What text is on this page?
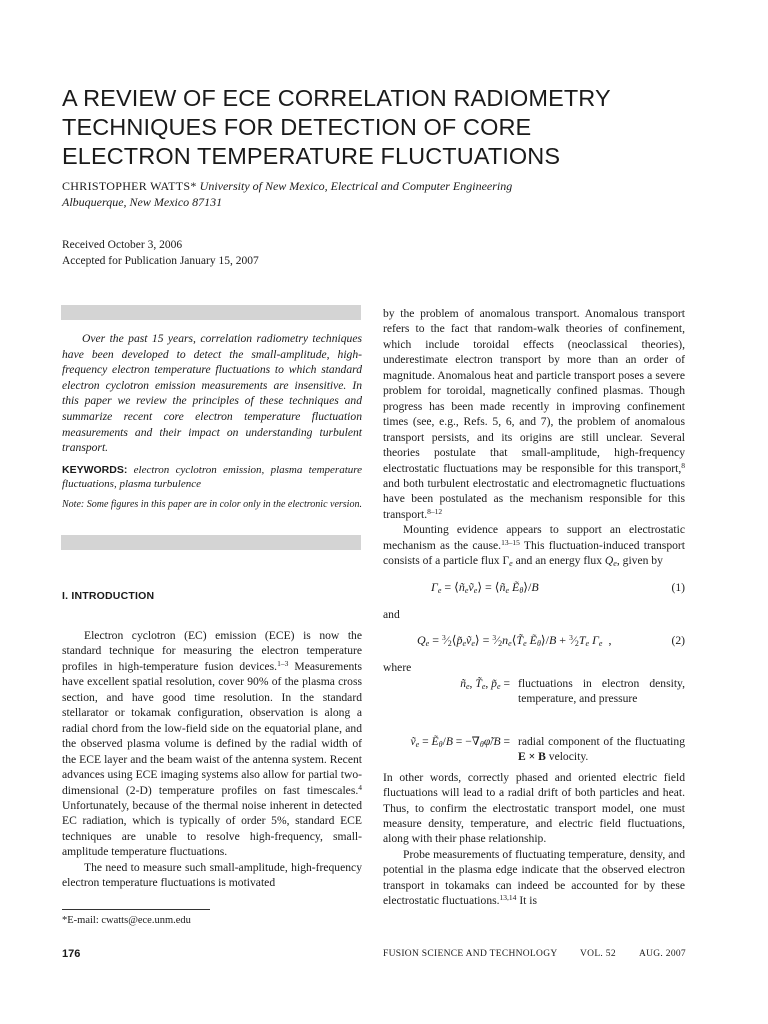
A REVIEW OF ECE CORRELATION RADIOMETRY
TECHNIQUES FOR DETECTION OF CORE
ELECTRON TEMPERATURE FLUCTUATIONS
CHRISTOPHER WATTS* University of New Mexico, Electrical and Computer Engineering
Albuquerque, New Mexico 87131
Received October 3, 2006
Accepted for Publication January 15, 2007

Over the past 15 years, correlation radiometry techniques have been developed to detect the small-amplitude, high-frequency electron temperature fluctuations to which standard electron cyclotron emission measurements are insensitive. In this paper we review the principles of these techniques and summarize recent core electron temperature fluctuation measurements and their impact on understanding turbulent transport.

KEYWORDS: electron cyclotron emission, plasma temperature fluctuations, plasma turbulence
Note: Some figures in this paper are in color only in the electronic version.
I. INTRODUCTION

Electron cyclotron (EC) emission (ECE) is now the standard technique for measuring the electron temperature profiles in high-temperature fusion devices.$^{1-3}$ Measurements have excellent spatial resolution, cover 90% of the plasma cross section, and have good time resolution. In the standard stellarator or tokamak configuration, observation is along a radial chord from the low-field side on the equatorial plane, and the observed plasma volume is defined by the radial width of the ECE layer and the beam waist of the antenna system. Recent advances using ECE imaging systems also allow for partial two-dimensional (2-D) temperature profiles on fast timescales.$^4$ Unfortunately, because of the thermal noise inherent in detected EC radiation, which is typically of order 5%, standard ECE techniques are unable to resolve high-frequency, small-amplitude temperature fluctuations.

The need to measure such small-amplitude, high-frequency electron temperature fluctuations is motivated

*E-mail: cwatts@ece.unm.edu

by the problem of anomalous transport. Anomalous transport refers to the fact that random-walk theories of confinement, which include toroidal effects (neoclassical theories), underestimate electron transport by more than an order of magnitude. Anomalous heat and particle transport poses a severe problem for toroidal, magnetically confined plasmas. Though progress has been made recently in improving confinement times (see, e.g., Refs. 5, 6, and 7), the problem of anomalous transport persists, and its origins are still unclear. Several theories postulate that small-amplitude, high-frequency electrostatic fluctuations may be responsible for this transport,$^8$ and both turbulent electrostatic and electromagnetic fluctuations have been postulated as the mechanism responsible for this transport.$^{8-12}$

Mounting evidence appears to support an electrostatic mechanism as the cause.$^{13-15}$ This fluctuation-induced transport consists of a particle flux $\Gamma_e$ and an energy flux $Q_e$, given by

$\Gamma_e$ = $⟨ñ_eṽ_e⟩$ = $⟨ñ_e$ Ẽ$_\theta$⟩/B	(1)

and

$Q_e$ = $^3⁄_2⟨p̃_eṽ_e⟩$ = $^3⁄_2n_e⟨T̃_e$ Ẽ$_\theta$⟩/B + $^3⁄_2T_e$ $\Gamma_e$  ,	(2)

where

$ñ_e$, $T̃_e$, $p̃_e$ = fluctuations in electron density, temperature, and pressure
ṽ$_e$ = Ẽ$_\theta$/B = $-\nabla_\theta\varphĩ/B$ = radial component of the fluctuating E × B velocity.

In other words, correctly phased and oriented electric field fluctuations will lead to a radial drift of both particles and heat. Thus, to confirm the electrostatic transport model, one must measure density, temperature, and electric field fluctuations, along with their phase relationship.

Probe measurements of fluctuating temperature, density, and potential in the plasma edge indicate that the observed electron transport in tokamaks can indeed be accounted for by these electrostatic fluctuations.$^{13,14}$ It is

176	FUSION SCIENCE AND TECHNOLOGY VOL. 52 AUG. 2007
